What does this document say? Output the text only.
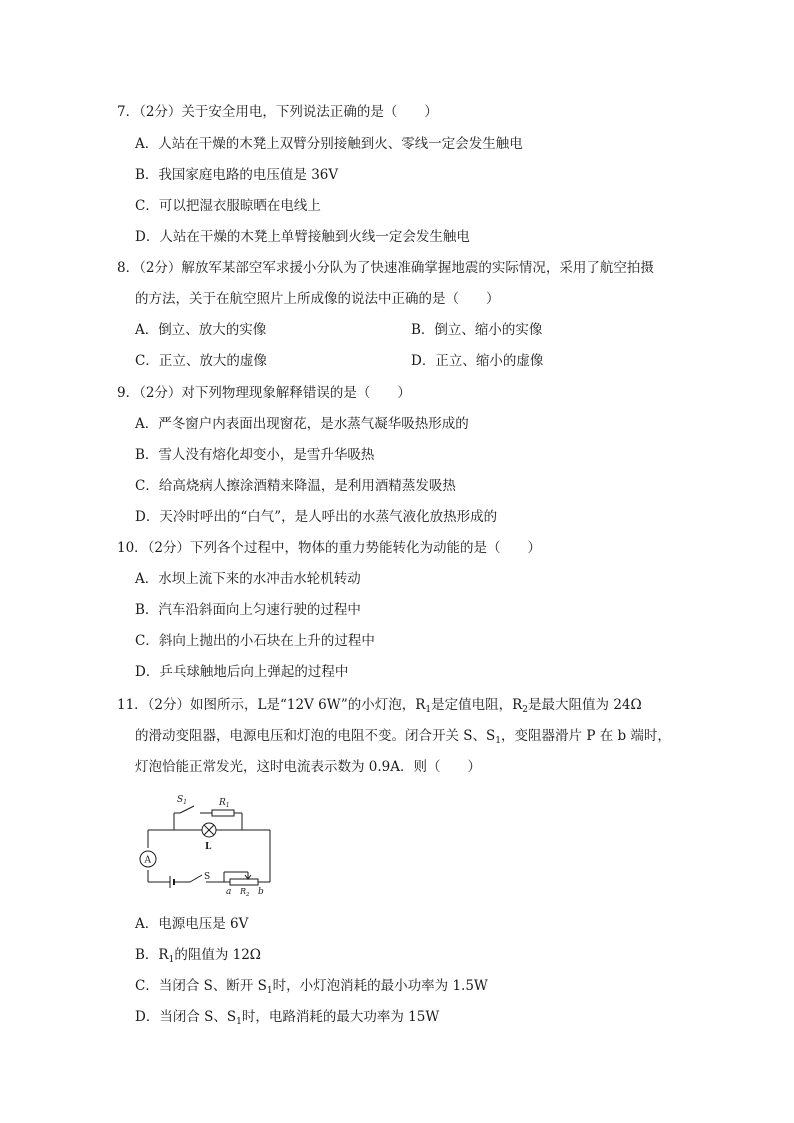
7．（2分）关于安全用电，下列说法正确的是（　　）
A．人站在干燥的木凳上双臂分别接触到火、零线一定会发生触电
B．我国家庭电路的电压值是 36V
C．可以把湿衣服晾晒在电线上
D．人站在干燥的木凳上单臂接触到火线一定会发生触电
8．（2分）解放军某部空军求援小分队为了快速准确掌握地震的实际情况，采用了航空拍摄
的方法，关于在航空照片上所成像的说法中正确的是（　　）
A．倒立、放大的实像	B．倒立、缩小的实像
C．正立、放大的虚像	D．正立、缩小的虚像
9．（2分）对下列物理现象解释错误的是（　　）
A．严冬窗户内表面出现窗花，是水蒸气凝华吸热形成的
B．雪人没有熔化却变小，是雪升华吸热
C．给高烧病人擦涂酒精来降温，是利用酒精蒸发吸热
D．天冷时呼出的“白气”，是人呼出的水蒸气液化放热形成的
10．（2分）下列各个过程中，物体的重力势能转化为动能的是（　　）
A．水坝上流下来的水冲击水轮机转动
B．汽车沿斜面向上匀速行驶的过程中
C．斜向上抛出的小石块在上升的过程中
D．乒乓球触地后向上弹起的过程中
11．（2分）如图所示，L是“12V 6W”的小灯泡，$R_1$是定值电阻，$R_2$是最大阻值为 24Ω
的滑动变阻器，电源电压和灯泡的电阻不变。闭合开关 S、$S_1$，变阻器滑片 P 在 b 端时，
灯泡恰能正常发光，这时电流表示数为 0.9A．则（　　）
$S_1$	$R_1$
L
A
S
a	b
$R_2$
A．电源电压是 6V
B．$R_1$的阻值为 12Ω
C．当闭合 S、断开 $S_1$时，小灯泡消耗的最小功率为 1.5W
D．当闭合 S、$S_1$时，电路消耗的最大功率为 15W
